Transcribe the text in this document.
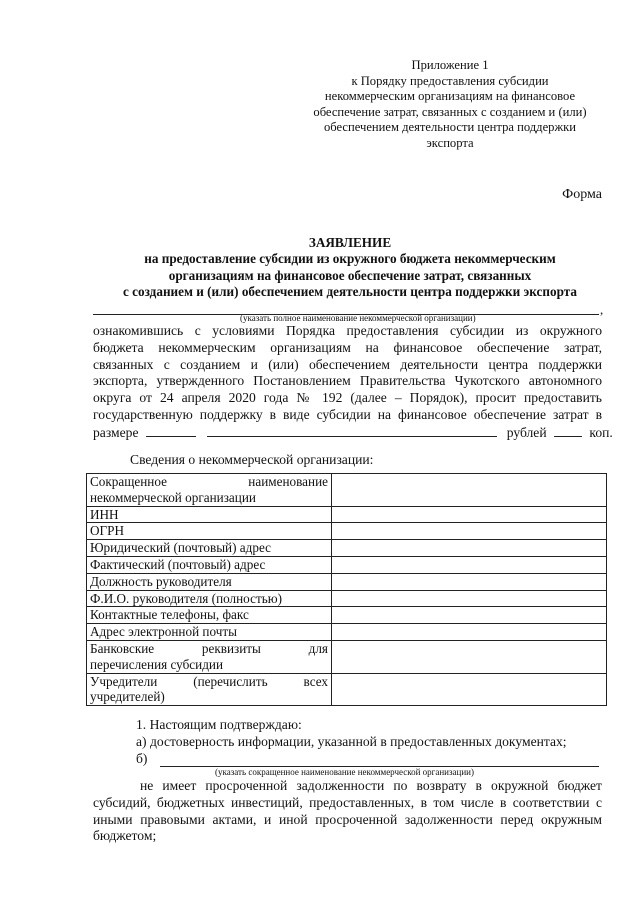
Приложение 1
к Порядку предоставления субсидии
некоммерческим организациям на финансовое
обеспечение затрат, связанных с созданием и (или)
обеспечением деятельности центра поддержки
экспорта
Форма
ЗАЯВЛЕНИЕ
на предоставление субсидии из окружного бюджета некоммерческим
организациям на финансовое обеспечение затрат, связанных
с созданием и (или) обеспечением деятельности центра поддержки экспорта
,
(указать полное наименование некоммерческой организации)
ознакомившись с условиями Порядка предоставления субсидии из окружного
бюджета некоммерческим организациям на финансовое обеспечение затрат,
связанных с созданием и (или) обеспечением деятельности центра поддержки
экспорта, утвержденного Постановлением Правительства Чукотского автономного
округа от 24 апреля 2020 года № 192 (далее – Порядок), просит предоставить
государственную поддержку в виде субсидии на финансовое обеспечение затрат в
размере	рублей	коп.
Сведения о некоммерческой организации:
Сокращенное наименование
некоммерческой организации	

ИНН	

ОГРН	

Юридический (почтовый) адрес	

Фактический (почтовый) адрес	

Должность руководителя	

Ф.И.О. руководителя (полностью)	

Контактные телефоны, факс	

Адрес электронной почты	

Банковские реквизиты для
перечисления субсидии	

Учредители (перечислить всех
учредителей)	

1. Настоящим подтверждаю:
а) достоверность информации, указанной в предоставленных документах;
б)
(указать сокращенное наименование некоммерческой организации)
не имеет просроченной задолженности по возврату в окружной бюджет
субсидий, бюджетных инвестиций, предоставленных, в том числе в соответствии с
иными правовыми актами, и иной просроченной задолженности перед окружным
бюджетом;
